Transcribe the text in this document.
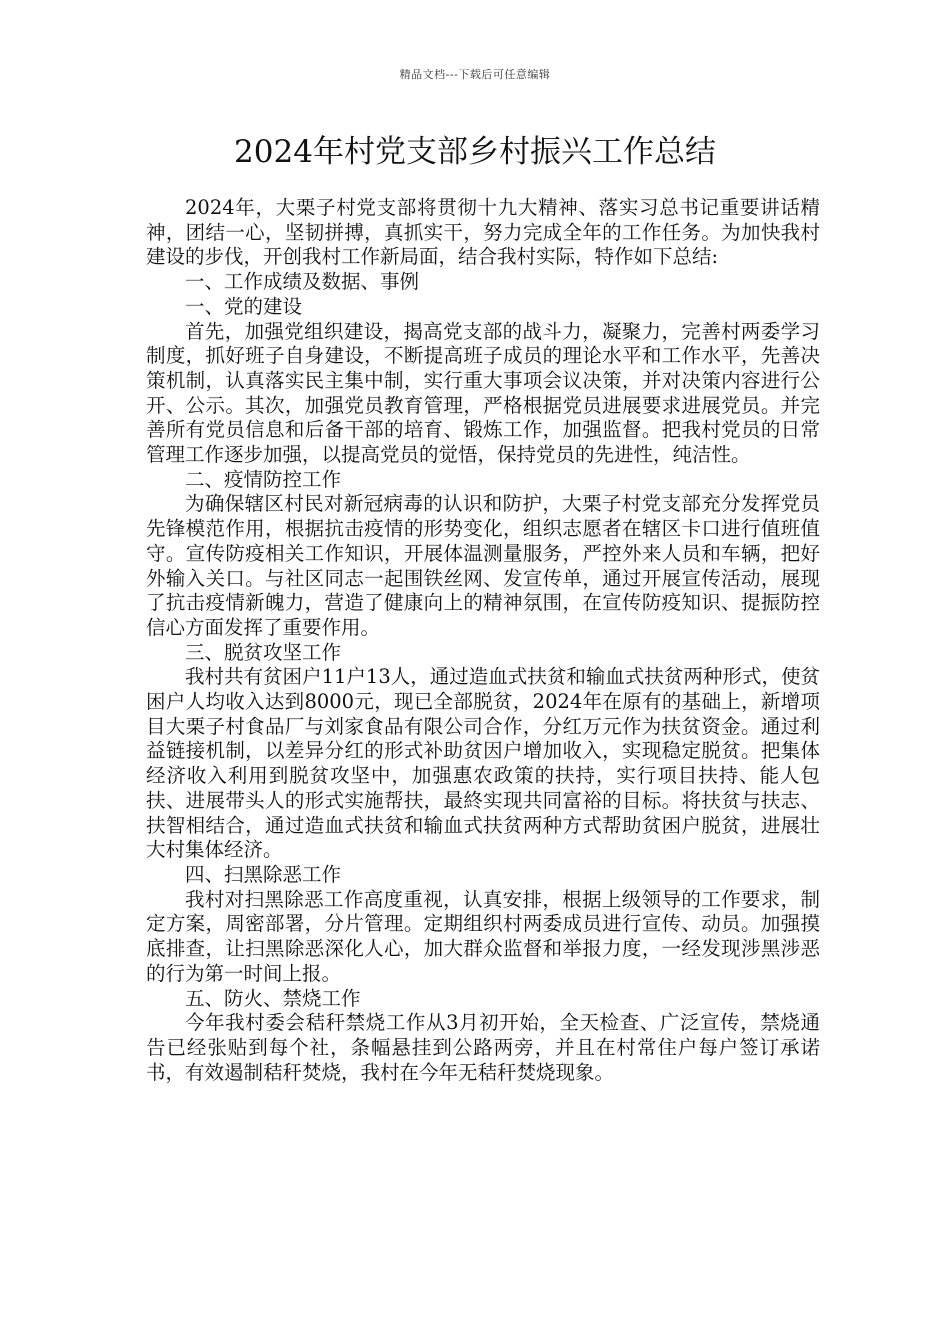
精品文档---下载后可任意编辑
2024年村党支部乡村振兴工作总结

2024年，大栗子村党支部将贯彻十九大精神、落实习总书记重要讲话精神，团结一心，坚韧拼搏，真抓实干，努力完成全年的工作任务。为加快我村建设的步伐，开创我村工作新局面，结合我村实际，特作如下总结:

一、工作成绩及数据、事例

一、党的建设

首先，加强党组织建设，揭高党支部的战斗力，凝聚力，完善村两委学习制度，抓好班子自身建设，不断提高班子成员的理论水平和工作水平，先善决策机制，认真落实民主集中制，实行重大事项会议决策，并对决策内容进行公开、公示。其次，加强党员教育管理，严格根据党员进展要求进展党员。并完善所有党员信息和后备干部的培育、锻炼工作，加强监督。把我村党员的日常管理工作逐步加强，以提高党员的觉悟，保持党员的先进性，纯洁性。

二、疫情防控工作

为确保辖区村民对新冠病毒的认识和防护，大栗子村党支部充分发挥党员先锋模范作用，根据抗击疫情的形势变化，组织志愿者在辖区卡口进行值班值守。宣传防疫相关工作知识，开展体温测量服务，严控外来人员和车辆，把好外输入关口。与社区同志一起围铁丝网、发宣传单，通过开展宣传活动，展现了抗击疫情新魄力，营造了健康向上的精神氛围，在宣传防疫知识、提振防控信心方面发挥了重要作用。

三、脱贫攻坚工作

我村共有贫困户11户13人，通过造血式扶贫和输血式扶贫两种形式，使贫困户人均收入达到8000元，现已全部脱贫，2024年在原有的基础上，新增项目大栗子村食品厂与刘家食品有限公司合作，分红万元作为扶贫资金。通过利益链接机制，以差异分红的形式补助贫因户增加收入，实现稳定脱贫。把集体经济收入利用到脱贫攻坚中，加强惠农政策的扶持，实行项目扶持、能人包扶、进展带头人的形式实施帮扶，最終实现共同富裕的目标。将扶贫与扶志、扶智相结合，通过造血式扶贫和输血式扶贫两种方式帮助贫困户脱贫，进展壮大村集体经济。

四、扫黑除恶工作

我村对扫黑除恶工作高度重视，认真安排，根据上级领导的工作要求，制定方案，周密部署，分片管理。定期组织村两委成员进行宣传、动员。加强摸底排查，让扫黑除恶深化人心，加大群众监督和举报力度，一经发现涉黑涉恶的行为第一时间上报。

五、防火、禁烧工作

今年我村委会秸秆禁烧工作从3月初开始，全天检查、广泛宣传，禁烧通告已经张贴到每个社，条幅悬挂到公路两旁，并且在村常住户每户签订承诺书，有效遏制秸秆焚烧，我村在今年无秸秆焚烧现象。
